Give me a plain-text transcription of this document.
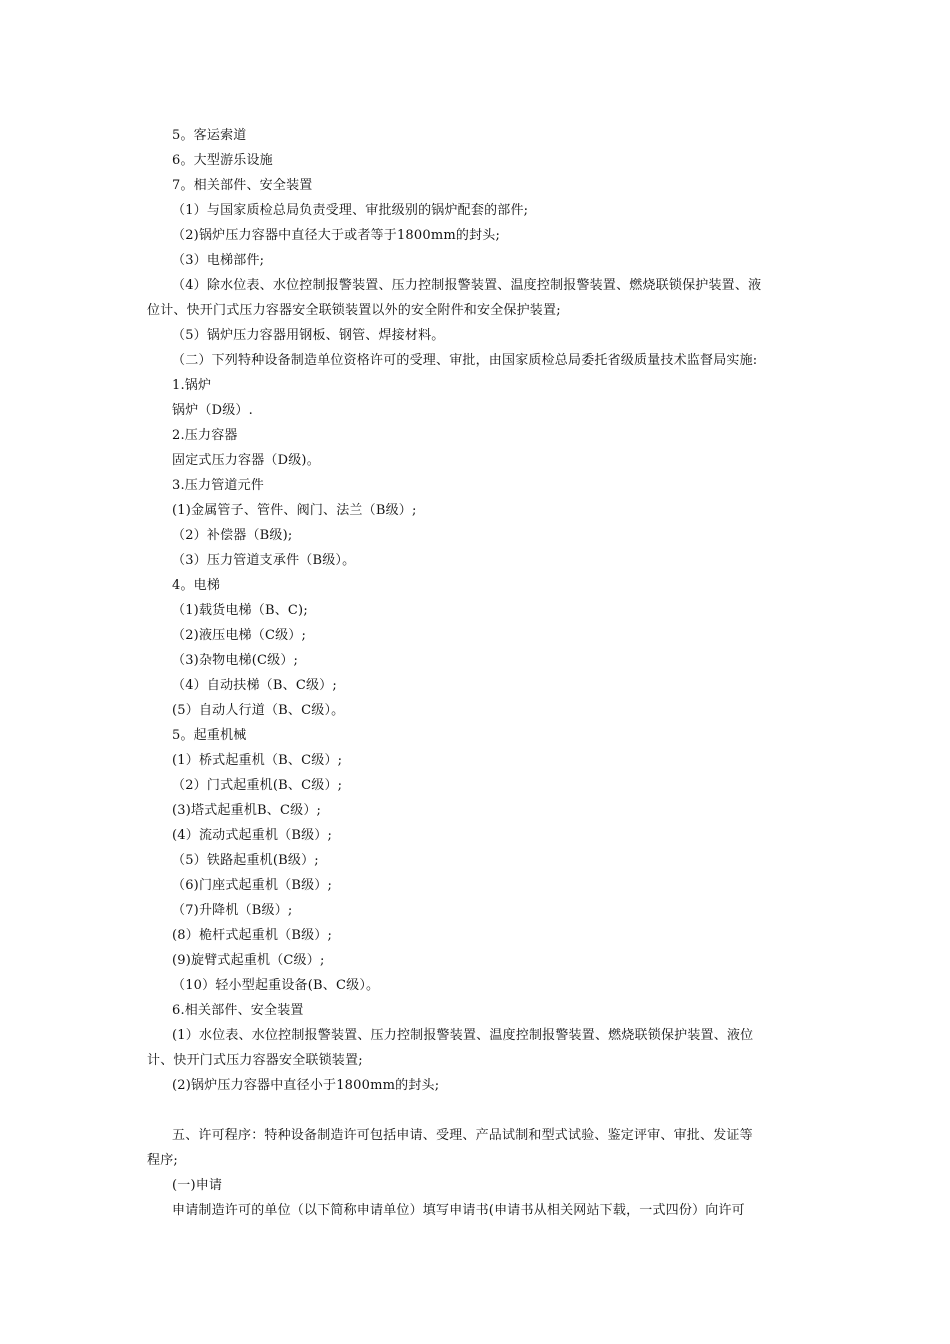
5。客运索道
6。大型游乐设施
7。相关部件、安全装置
（1）与国家质检总局负责受理、审批级别的锅炉配套的部件;
（2)锅炉压力容器中直径大于或者等于1800mm的封头;
（3）电梯部件;
（4）除水位表、水位控制报警装置、压力控制报警装置、温度控制报警装置、燃烧联锁保护装置、液
位计、快开门式压力容器安全联锁装置以外的安全附件和安全保护装置;
（5）锅炉压力容器用钢板、钢管、焊接材料。
（二）下列特种设备制造单位资格许可的受理、审批，由国家质检总局委托省级质量技术监督局实施:
1.锅炉
锅炉（D级）.
2.压力容器
固定式压力容器（D级)。
3.压力管道元件
(1)金属管子、管件、阀门、法兰（B级）;
（2）补偿器（B级);
（3）压力管道支承件（B级）。
4。电梯
（1)载货电梯（B、C);
（2)液压电梯（C级）;
（3)杂物电梯(C级）;
（4）自动扶梯（B、C级）;
(5）自动人行道（B、C级）。
5。起重机械
(1）桥式起重机（B、C级）;
（2）门式起重机(B、C级）;
(3)塔式起重机B、C级）;
(4）流动式起重机（B级）;
（5）铁路起重机(B级）;
（6)门座式起重机（B级）;
（7)升降机（B级）;
(8）桅杆式起重机（B级）;
(9)旋臂式起重机（C级）;
（10）轻小型起重设备(B、C级）。
6.相关部件、安全装置
(1）水位表、水位控制报警装置、压力控制报警装置、温度控制报警装置、燃烧联锁保护装置、液位
计、快开门式压力容器安全联锁装置;
(2)锅炉压力容器中直径小于1800mm的封头;
五、许可程序：特种设备制造许可包括申请、受理、产品试制和型式试验、鉴定评审、审批、发证等
程序;
(一)申请
申请制造许可的单位（以下简称申请单位）填写申请书(申请书从相关网站下载，一式四份）向许可
